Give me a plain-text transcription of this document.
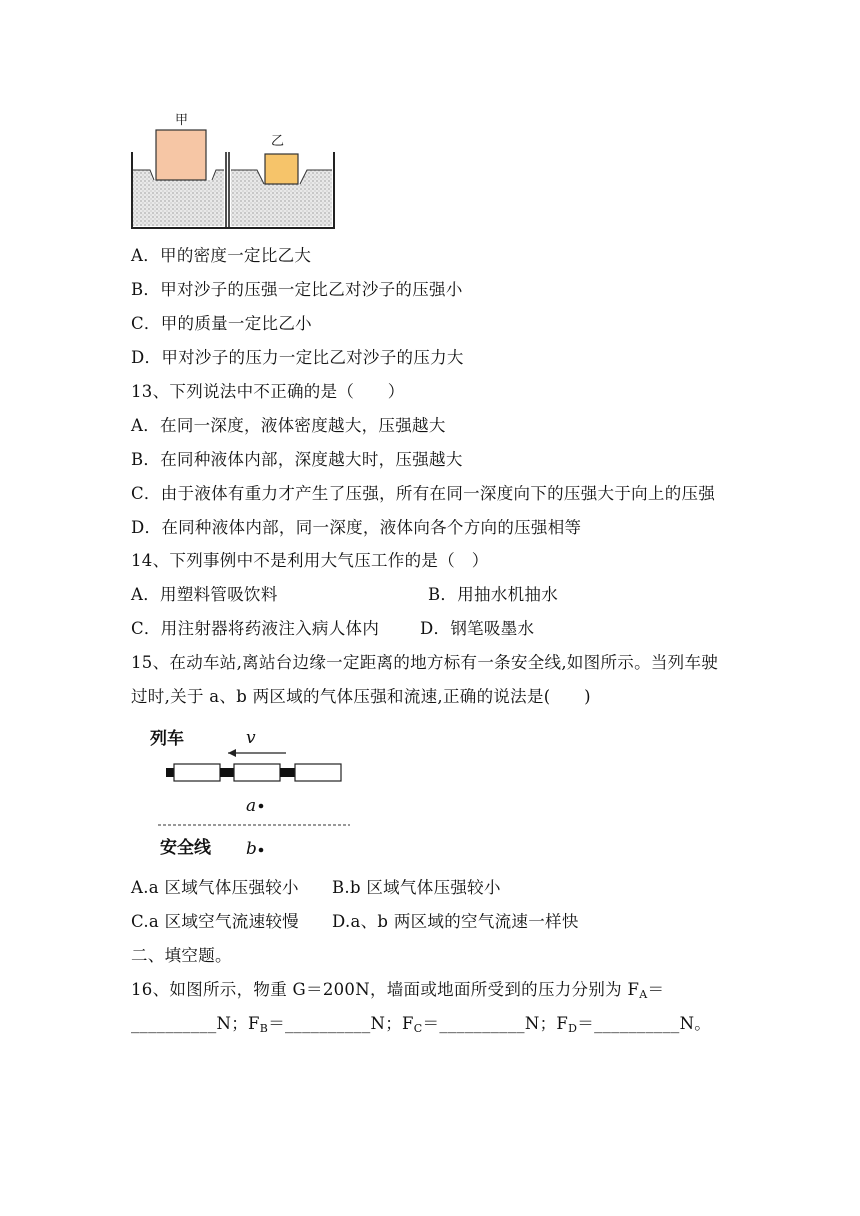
甲
乙
A．甲的密度一定比乙大
B．甲对沙子的压强一定比乙对沙子的压强小
C．甲的质量一定比乙小
D．甲对沙子的压力一定比乙对沙子的压力大
13、下列说法中不正确的是（　　）
A．在同一深度，液体密度越大，压强越大
B．在同种液体内部，深度越大时，压强越大
C．由于液体有重力才产生了压强，所有在同一深度向下的压强大于向上的压强
D．在同种液体内部，同一深度，液体向各个方向的压强相等
14、下列事例中不是利用大气压工作的是（　）
A．用塑料管吸饮料	B．用抽水机抽水
C．用注射器将药液注入病人体内 D．钢笔吸墨水
15、在动车站,离站台边缘一定距离的地方标有一条安全线,如图所示。当列车驶
过时,关于 a、b 两区域的气体压强和流速,正确的说法是(　　)
列车	v
a
安全线 b
A.a 区域气体压强较小 B.b 区域气体压强较小
C.a 区域空气流速较慢 D.a、b 两区域的空气流速一样快
二、填空题。
16、如图所示，物重 G＝200N，墙面或地面所受到的压力分别为 $F_A=$
__________N；$F_B=\_\_\_\_\_\_\_\_\_\_N$；$F_C=\_\_\_\_\_\_\_\_\_\_N$；$F_D=\_\_\_\_\_\_\_\_\_\_N$。
